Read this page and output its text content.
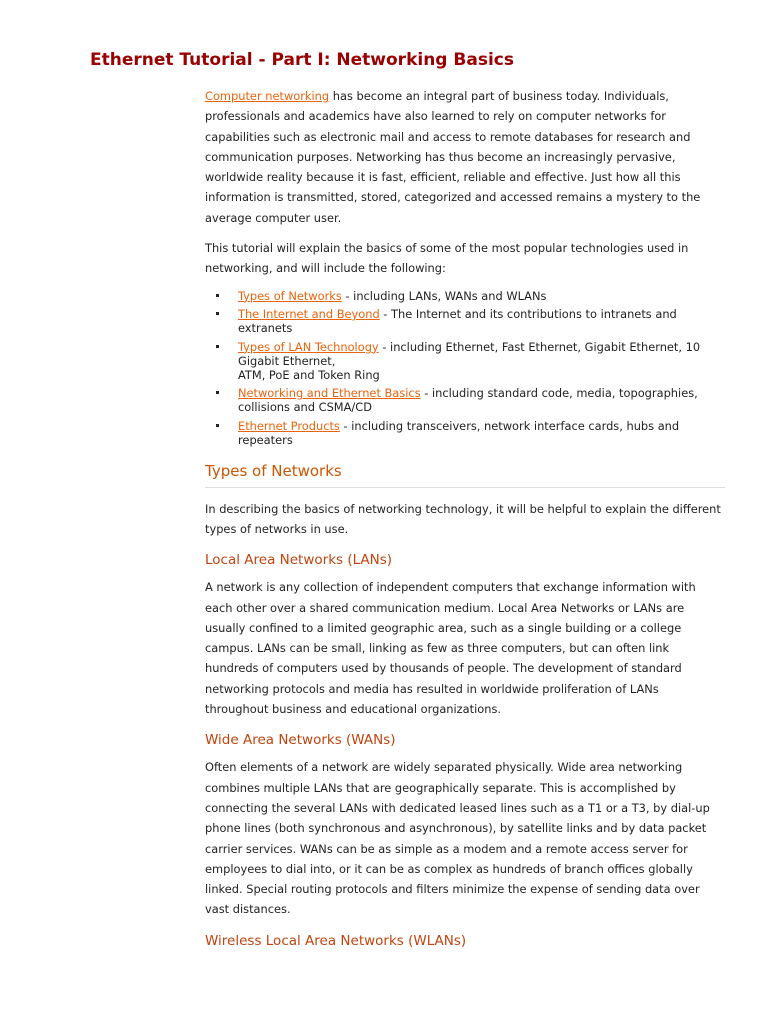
Ethernet Tutorial - Part I: Networking Basics

Computer networking has become an integral part of business today. Individuals, professionals and academics have also learned to rely on computer networks for capabilities such as electronic mail and access to remote databases for research and communication purposes. Networking has thus become an increasingly pervasive, worldwide reality because it is fast, efficient, reliable and effective. Just how all this information is transmitted, stored, categorized and accessed remains a mystery to the average computer user.

This tutorial will explain the basics of some of the most popular technologies used in networking, and will include the following:

Types of Networks - including LANs, WANs and WLANs
The Internet and Beyond - The Internet and its contributions to intranets and extranets
Types of LAN Technology - including Ethernet, Fast Ethernet, Gigabit Ethernet, 10 Gigabit Ethernet,
ATM, PoE and Token Ring
Networking and Ethernet Basics - including standard code, media, topographies, collisions and CSMA/CD
Ethernet Products - including transceivers, network interface cards, hubs and repeaters
Types of Networks

In describing the basics of networking technology, it will be helpful to explain the different types of networks in use.

Local Area Networks (LANs)

A network is any collection of independent computers that exchange information with each other over a shared communication medium. Local Area Networks or LANs are usually confined to a limited geographic area, such as a single building or a college campus. LANs can be small, linking as few as three computers, but can often link hundreds of computers used by thousands of people. The development of standard networking protocols and media has resulted in worldwide proliferation of LANs throughout business and educational organizations.

Wide Area Networks (WANs)

Often elements of a network are widely separated physically. Wide area networking combines multiple LANs that are geographically separate. This is accomplished by connecting the several LANs with dedicated leased lines such as a T1 or a T3, by dial-up phone lines (both synchronous and asynchronous), by satellite links and by data packet carrier services. WANs can be as simple as a modem and a remote access server for employees to dial into, or it can be as complex as hundreds of branch offices globally linked. Special routing protocols and filters minimize the expense of sending data over vast distances.

Wireless Local Area Networks (WLANs)
